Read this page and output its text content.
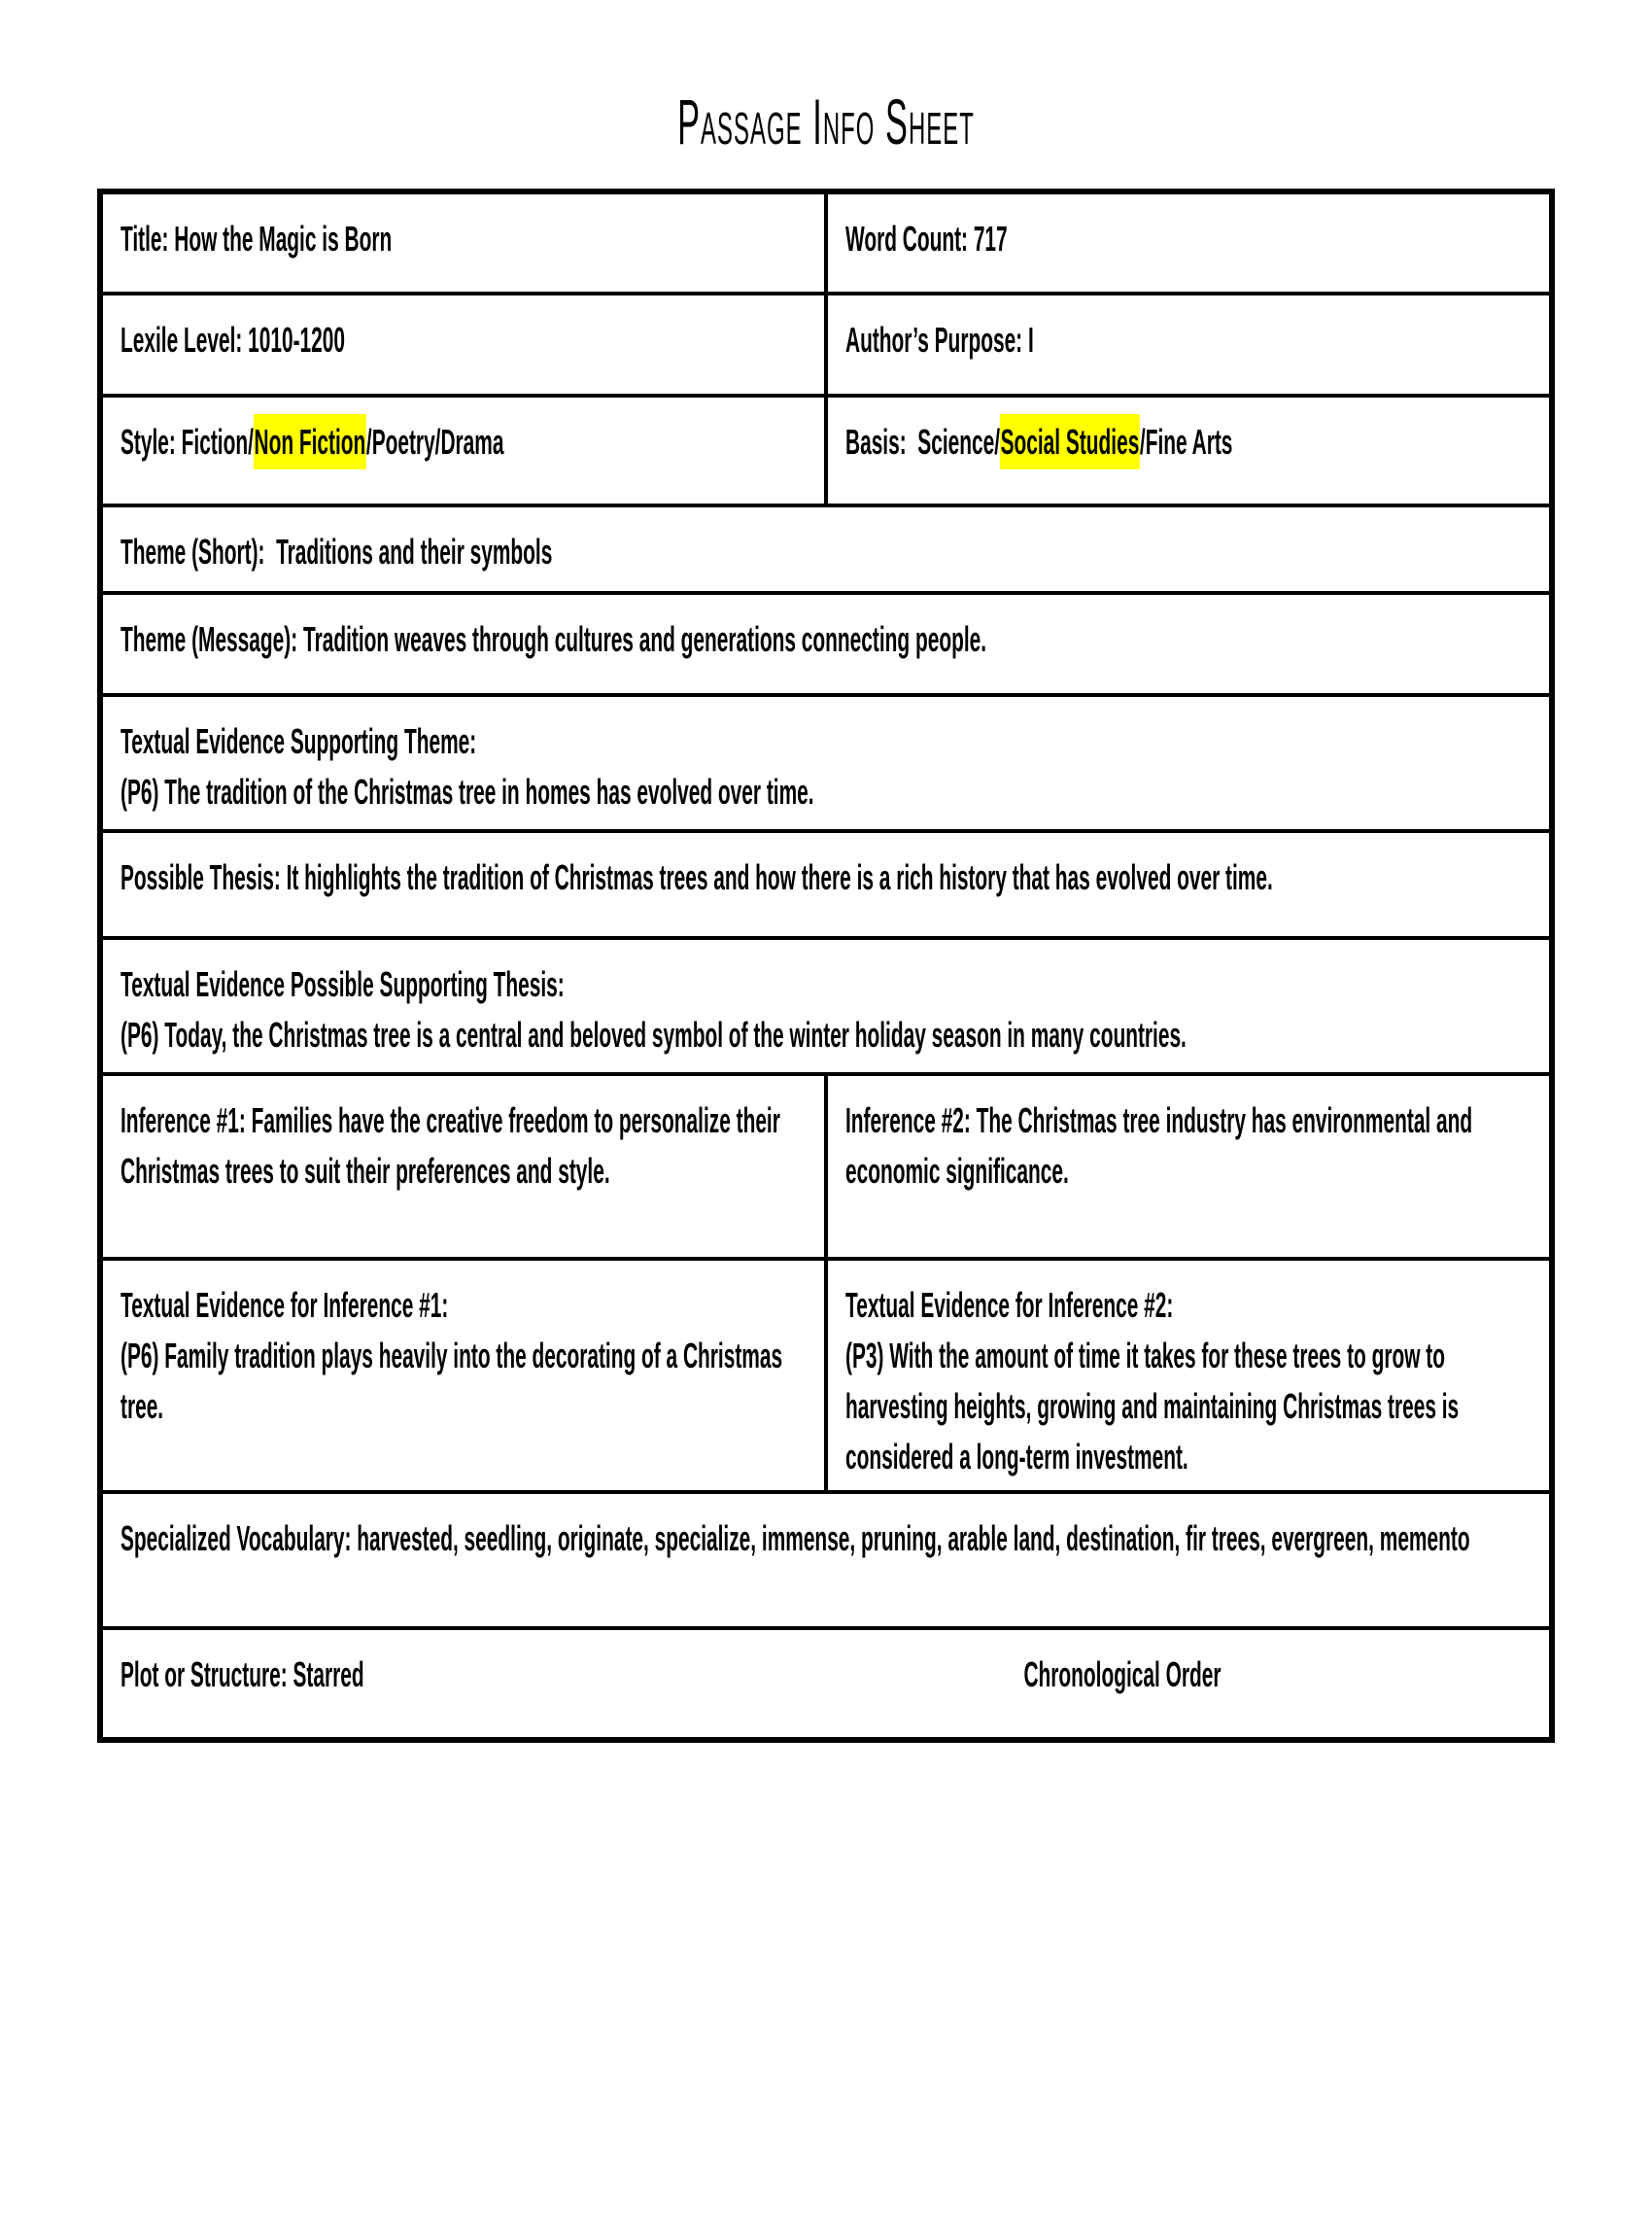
Passage Info Sheet
Title: How the Magic is Born	Word Count: 717

Lexile Level: 1010-1200	Author’s Purpose: I

Style: Fiction/Non Fiction/Poetry/Drama	Basis:  Science/Social Studies/Fine Arts

Theme (Short):  Traditions and their symbols	

Theme (Message): Tradition weaves through cultures and generations connecting people.	

Textual Evidence Supporting Theme:
(P6) The tradition of the Christmas tree in homes has evolved over time.	

Possible Thesis: It highlights the tradition of Christmas trees and how there is a rich history that has evolved over time.	

Textual Evidence Possible Supporting Thesis:
(P6) Today, the Christmas tree is a central and beloved symbol of the winter holiday season in many countries.	

Inference #1: Families have the creative freedom to personalize their Christmas trees to suit their preferences and style.	Inference #2: The Christmas tree industry has environmental and economic significance.

Textual Evidence for Inference #1:
(P6) Family tradition plays heavily into the decorating of a Christmas tree.

Textual Evidence for Inference #2:
(P3) With the amount of time it takes for these trees to grow to harvesting heights, growing and maintaining Christmas trees is considered a long-term investment.

Specialized Vocabulary: harvested, seedling, originate, specialize, immense, pruning, arable land, destination, fir trees, evergreen, memento	

Plot or Structure: Starred Chronological Order	
